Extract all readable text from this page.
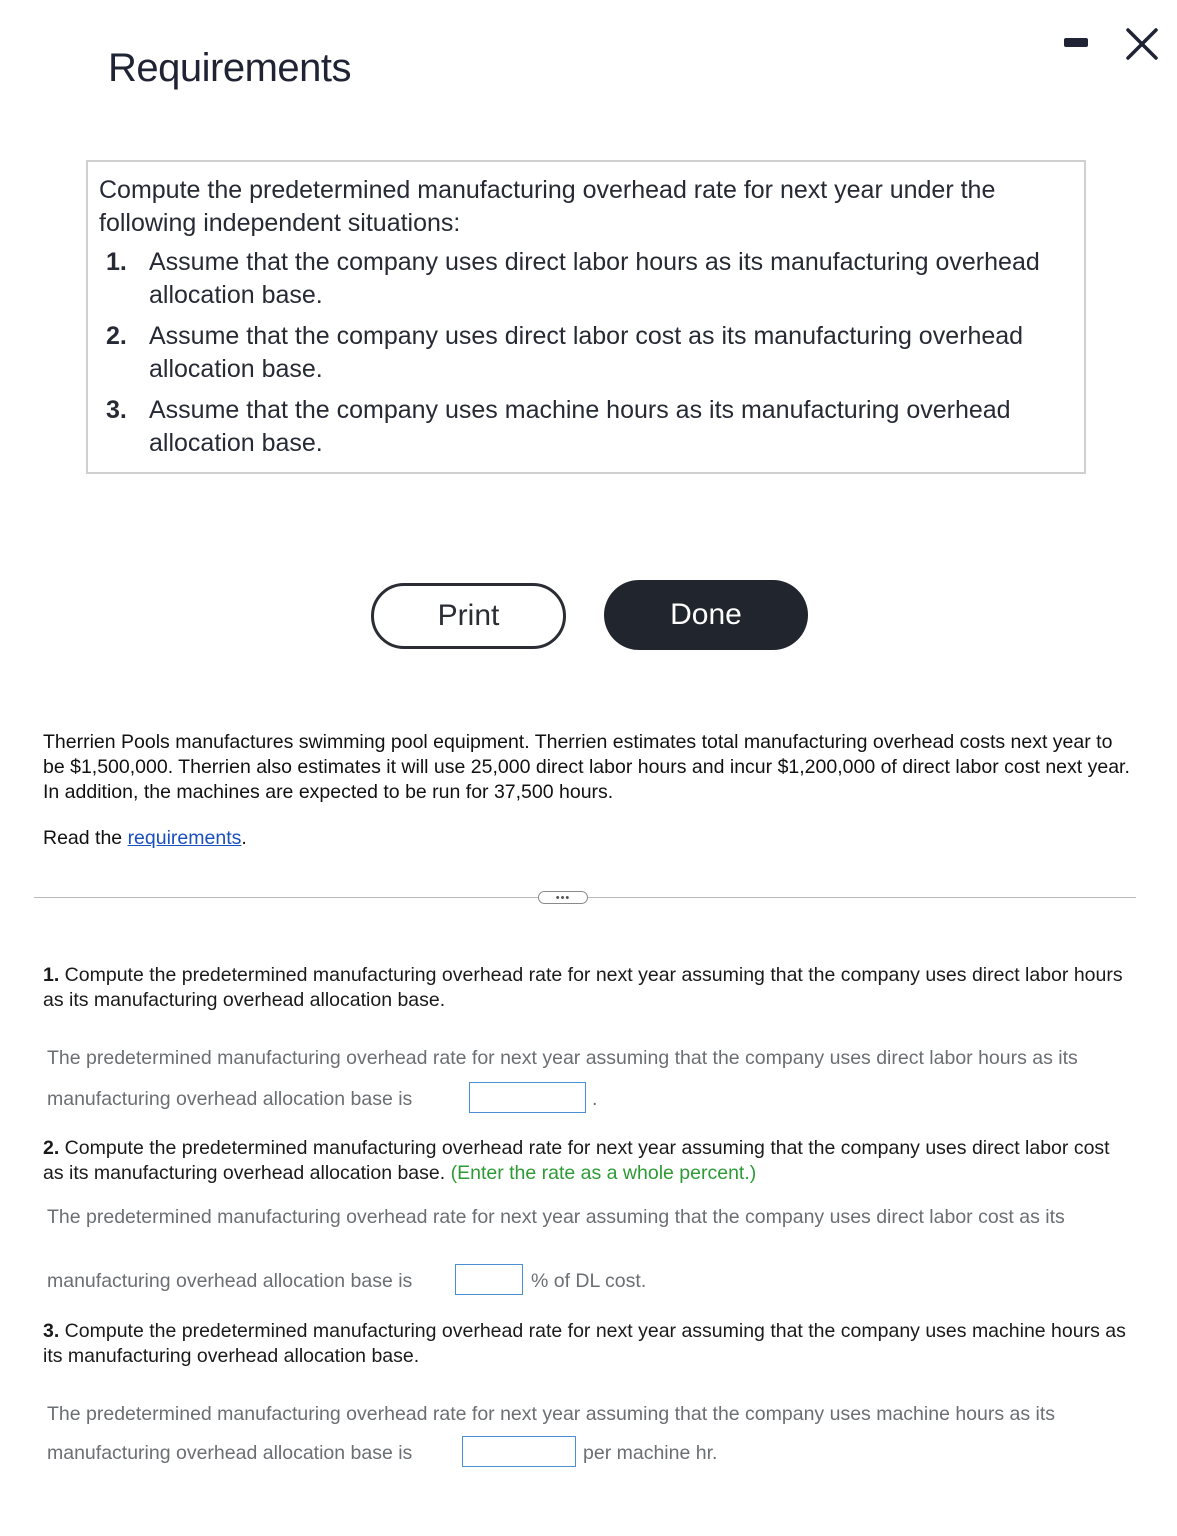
Requirements

Compute the predetermined manufacturing overhead rate for next year under the following independent situations:

1. Assume that the company uses direct labor hours as its manufacturing overhead allocation base.
2. Assume that the company uses direct labor cost as its manufacturing overhead allocation base.
3. Assume that the company uses machine hours as its manufacturing overhead allocation base.
Print	Done

Therrien Pools manufactures swimming pool equipment. Therrien estimates total manufacturing overhead costs next year to be $1,500,000. Therrien also estimates it will use 25,000 direct labor hours and incur $1,200,000 of direct labor cost next year. In addition, the machines are expected to be run for 37,500 hours.

Read the requirements.
•••
1. Compute the predetermined manufacturing overhead rate for next year assuming that the company uses direct labor hours as its manufacturing overhead allocation base.
The predetermined manufacturing overhead rate for next year assuming that the company uses direct labor hours as its
manufacturing overhead allocation base is	.
2. Compute the predetermined manufacturing overhead rate for next year assuming that the company uses direct labor cost as its manufacturing overhead allocation base. (Enter the rate as a whole percent.)
The predetermined manufacturing overhead rate for next year assuming that the company uses direct labor cost as its
manufacturing overhead allocation base is	% of DL cost.
3. Compute the predetermined manufacturing overhead rate for next year assuming that the company uses machine hours as its manufacturing overhead allocation base.
The predetermined manufacturing overhead rate for next year assuming that the company uses machine hours as its
manufacturing overhead allocation base is	per machine hr.
